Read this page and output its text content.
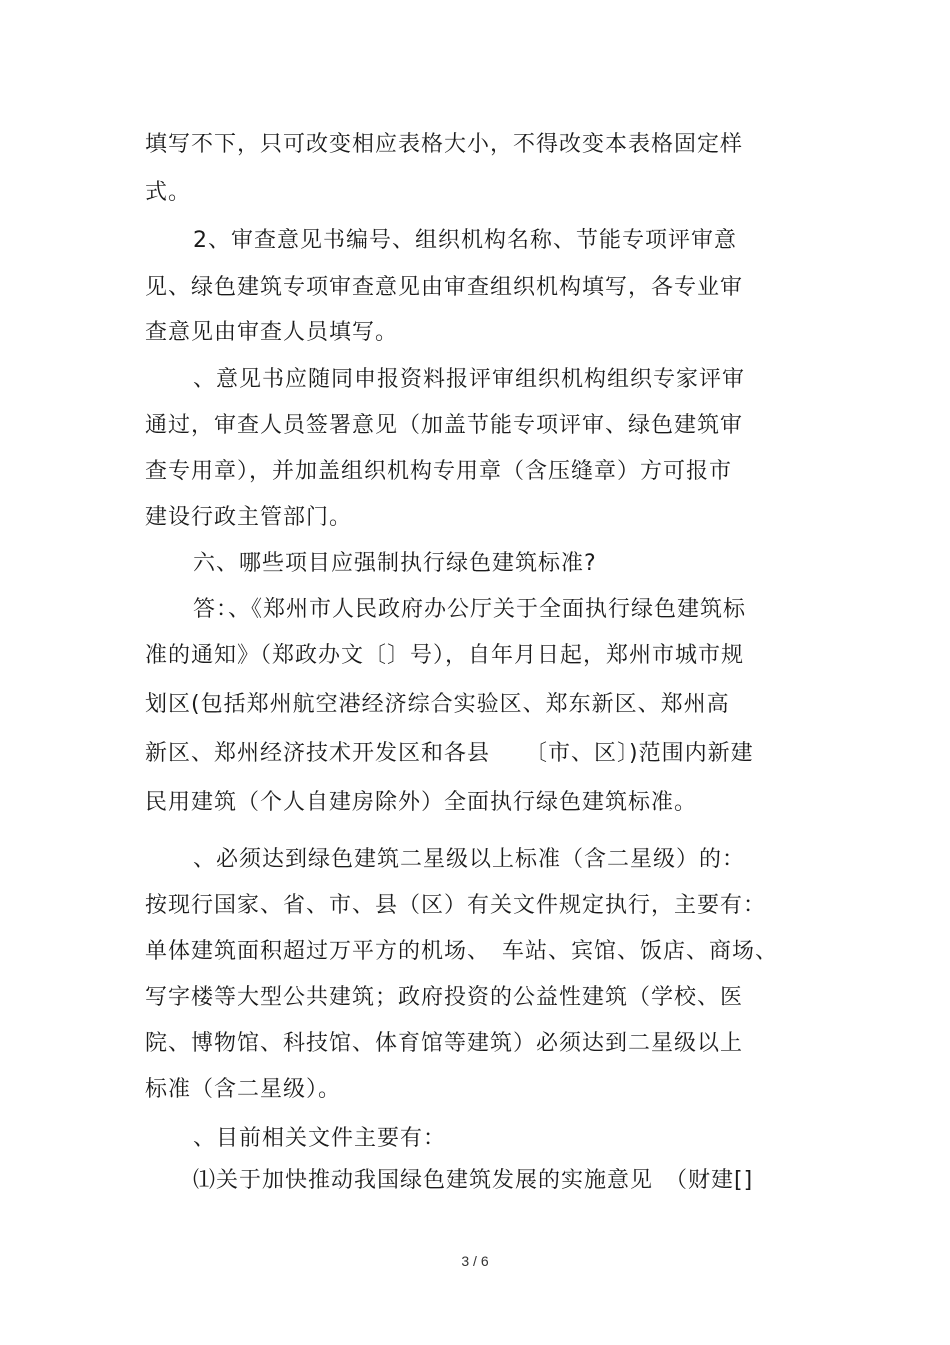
填写不下，只可改变相应表格大小，不得改变本表格固定样
式。
2、审查意见书编号、组织机构名称、节能专项评审意
见、绿色建筑专项审查意见由审查组织机构填写，各专业审
查意见由审查人员填写。
、意见书应随同申报资料报评审组织机构组织专家评审
通过，审查人员签署意见（加盖节能专项评审、绿色建筑审
查专用章），并加盖组织机构专用章（含压缝章）方可报市
建设行政主管部门。
六、哪些项目应强制执行绿色建筑标准?
答：、《郑州市人民政府办公厅关于全面执行绿色建筑标
准的通知》（郑政办文〔〕号），自年月日起，郑州市城市规
划区(包括郑州航空港经济综合实验区、郑东新区、郑州高
新区、郑州经济技术开发区和各县　　〔市、区〕)范围内新建
民用建筑（个人自建房除外）全面执行绿色建筑标准。
、必须达到绿色建筑二星级以上标准（含二星级）的：
按现行国家、省、市、县（区）有关文件规定执行，主要有：
单体建筑面积超过万平方的机场、　车站、宾馆、饭店、商场、
写字楼等大型公共建筑；政府投资的公益性建筑（学校、医
院、博物馆、科技馆、体育馆等建筑）必须达到二星级以上
标准（含二星级）。
、目前相关文件主要有：
⑴关于加快推动我国绿色建筑发展的实施意见　（财建[]
3 / 6
